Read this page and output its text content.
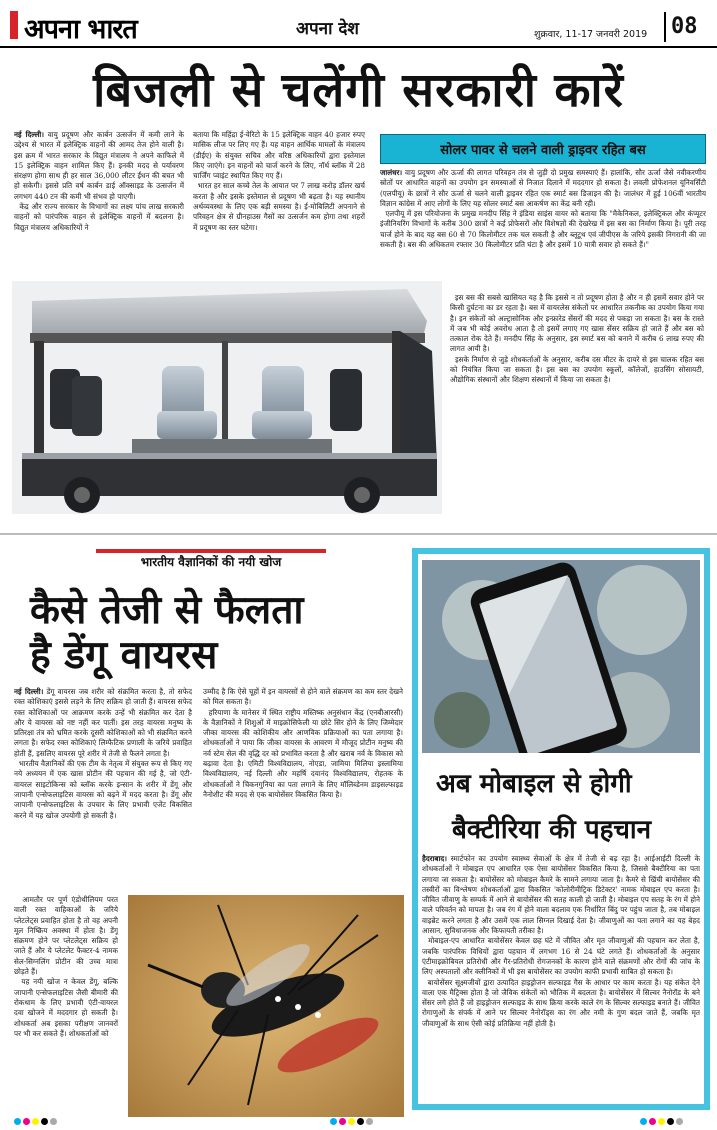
अपना भारत	अपना देश	शुक्रवार, 11-17 जनवरी 2019 08
बिजली से चलेंगी सरकारी कारें
नई दिल्ली। वायु प्रदूषण और कार्बन उत्सर्जन में कमी लाने के उद्देश्य से भारत में इलेक्ट्रिक वाहनों की आमद तेज होने वाली है। इस क्रम में भारत सरकार के विद्युत मंत्रालय ने अपने काफिले में 15 इलेक्ट्रिक वाहन शामिल किए हैं। इनकी मदद से पर्यावरण संरक्षण होगा साथ ही हर साल 36,000 लीटर ईंधन की बचत भी हो सकेगी। इससे प्रति वर्ष कार्बन डाई ऑक्साइड के उत्सर्जन में लगभग 440 टन की कमी भी संभव हो पाएगी।
केंद्र और राज्य सरकार के विभागों का लक्ष्य पांच लाख सरकारी वाहनों को पारंपरिक वाहन से इलेक्ट्रिक वाहनों में बदलना है। विद्युत मंत्रालय अधिकारियों ने
बताया कि महिंद्रा ई-वेरिटो के 15 इलेक्ट्रिक वाहन 40 हजार रुपए मासिक लीज पर लिए गए हैं। यह वाहन आर्थिक मामलों के मंत्रालय (डीईए) के संयुक्त सचिव और वरिष्ठ अधिकारियों द्वारा इस्तेमाल किए जाएंगे। इन वाहनों को चार्ज करने के लिए, नॉर्थ ब्लॉक में 28 चार्जिंग प्वाइंट स्थापित किए गए हैं।
भारत हर साल कच्चे तेल के आयात पर 7 लाख करोड़ डॉलर खर्च करता है और इसके इस्तेमाल से प्रदूषण भी बढ़ता है। यह स्थानीय अर्थव्यवस्था के लिए एक बड़ी समस्या है। ई-मोबिलिटी अपनाने से परिवहन क्षेत्र से ग्रीनहाउस गैसों का उत्सर्जन कम होगा तथा शहरों में प्रदूषण का स्तर घटेगा।
सोलर पावर से चलने वाली ड्राइवर रहित बस
जालंधर। वायु प्रदूषण और ऊर्जा की लागत परिवहन तंत्र से जुड़ी दो प्रमुख समस्याएं हैं। हालांकि, सौर ऊर्जा जैसे नवीकरणीय स्रोतों पर आधारित वाहनों का उपयोग इन समस्याओं से निजात दिलाने में मददगार हो सकता है। लवली प्रोफेशनल यूनिवर्सिटी (एलपीयू) के छात्रों ने सौर ऊर्जा से चलने वाली ड्राइवर रहित एक स्मार्ट बस डिजाइन की है। जालंधर में हुई 106वीं भारतीय विज्ञान कांग्रेस में आए लोगों के लिए यह सोलर स्मार्ट बस आकर्षण का केंद्र बनी रही।
एलपीयू में इस परियोजना के प्रमुख मनदीप सिंह ने इंडिया साइंस वायर को बताया कि "मैकेनिकल, इलेक्ट्रिकल और कंप्यूटर इंजीनियरिंग विभागों के करीब 300 छात्रों ने कई प्रोफेसरों और विशेषज्ञों की देखरेख में इस बस का निर्माण किया है। पूरी तरह चार्ज होने के बाद यह बस 60 से 70 किलोमीटर तक चल सकती है और ब्लूटूथ एवं जीपीएस के जरिये इसकी निगरानी की जा सकती है। बस की अधिकतम रफ्तार 30 किलोमीटर प्रति घंटा है और इसमें 10 यात्री सवार हो सकते हैं।"
इस बस की सबसे खासियत यह है कि इससे न तो प्रदूषण होता है और न ही इसमें सवार होने पर किसी दुर्घटना का डर रहता है। बस में वायरलेस संकेतों पर आधारित तकनीक का उपयोग किया गया है। इन संकेतों को अल्ट्रासोनिक और इन्फ्रारेड सेंसरों की मदद से पकड़ा जा सकता है। बस के रास्ते में जब भी कोई अवरोध आता है तो इसमें लगाए गए खास सेंसर सक्रिय हो जाते हैं और बस को तत्काल रोक देते हैं। मनदीप सिंह के अनुसार, इस स्मार्ट बस को बनाने में करीब 6 लाख रुपए की लागत आयी है।
इसके निर्माण से जुड़े शोधकर्ताओं के अनुसार, करीब दस मीटर के दायरे से इस चालक रहित बस को नियंत्रित किया जा सकता है। इस बस का उपयोग स्कूलों, कॉलेजों, हाउसिंग सोसायटी, औद्योगिक संस्थानों और शिक्षण संस्थानों में किया जा सकता है।
भारतीय वैज्ञानिकों की नयी खोज
कैसे तेजी से फैलता
है डेंगू वायरस
नई दिल्ली। डेंगू वायरस जब शरीर को संक्रमित करता है, तो सफेद रक्त कोशिकाएं इससे लड़ने के लिए सक्रिय हो जाती हैं। वायरस सफेद रक्त कोशिकाओं पर आक्रमण करके उन्हें भी संक्रमित कर देता है और ये वायरस को नष्ट नहीं कर पातीं। इस तरह वायरस मनुष्य के प्रतिरक्षा तंत्र को भ्रमित करके दूसरी कोशिकाओं को भी संक्रमित करने लगता है। सफेद रक्त कोशिकाएं लिम्फैटिक प्रणाली के जरिये प्रवाहित होती हैं, इसलिए वायरस पूरे शरीर में तेजी से फैलने लगता है।
भारतीय वैज्ञानिकों की एक टीम के नेतृत्व में संयुक्त रूप से किए गए नये अध्ययन में एक खास प्रोटीन की पहचान की गई है, जो एंटी-वायरल साइटोकिन्स को ब्लॉक करके इन्सान के शरीर में डेंगू और जापानी एन्सेफलाइटिस वायरस को बढ़ने में मदद करता है। डेंगू और जापानी एन्सेफलाइटिस के उपचार के लिए प्रभावी एजेंट विकसित करने में यह खोज उपयोगी हो सकती है।
आमतौर पर पूर्ण एंडोथीलियम परत वाली रक्त वाहिकाओं के जरिये प्लेटलेट्स प्रवाहित होता है तो वह अपनी मूल निष्क्रिय अवस्था में होता है। डेंगू संक्रमण होने पर प्लेटलेट्स सक्रिय हो जाते हैं और ये प्लेटलेट फैक्टर-4 नामक सेल-सिग्नलिंग प्रोटीन की उच्च मात्रा छोड़ते हैं।
यह नयी खोज न केवल डेंगू, बल्कि जापानी एन्सेफलाइटिस जैसी बीमारी की रोकथाम के लिए प्रभावी एंटी-वायरल दवा खोजने में मददगार हो सकती है। शोधकर्ता अब इसका परीक्षण जानवरों पर भी कर सकते हैं। शोधकर्ताओं को
उम्मीद है कि ऐसे चूहों में इन वायरसों से होने वाले संक्रमण का कम स्तर देखने को मिल सकता है।
हरियाणा के मानेसर में स्थित राष्ट्रीय मस्तिष्क अनुसंधान केंद्र (एनबीआरसी) के वैज्ञानिकों ने शिशुओं में माइक्रोसिफेली या छोटे सिर होने के लिए जिम्मेदार जीका वायरस की कोशिकीय और आणविक प्रक्रियाओं का पता लगाया है। शोधकर्ताओं ने पाया कि जीका वायरस के आवरण में मौजूद प्रोटीन मनुष्य की नर्व स्टेम सेल की वृद्धि दर को प्रभावित करता है और खराब नर्व के विकास को बढ़ावा देता है। एमिटी विश्वविद्यालय, नोएडा, जामिया मिलिया इस्लामिया विश्वविद्यालय, नई दिल्ली और महर्षि दयानंद विश्वविद्यालय, रोहतक के शोधकर्ताओं ने चिकनगुनिया का पता लगाने के लिए मॉलिब्डेनम डाइसल्फाइड नैनोशीट की मदद से एक बायोसेंसर विकसित किया है।	अब मोबाइल से होगी
बैक्टीरिया की पहचान
हैदराबाद। स्मार्टफोन का उपयोग स्वास्थ्य सेवाओं के क्षेत्र में तेजी से बढ़ रहा है। आईआईटी दिल्ली के शोधकर्ताओं ने मोबाइल एप आधारित एक ऐसा बायोसेंसर विकसित किया है, जिससे बैक्टीरिया का पता लगाया जा सकता है। बायोसेंसर को मोबाइल कैमरे के सामने लगाया जाता है। कैमरे से खिंची बायोसेंसर की तस्वीरों का विश्लेषण शोधकर्ताओं द्वारा विकसित 'कोलोरीमीट्रिक डिटेक्टर' नामक मोबाइल एप करता है। जीवित जीवाणु के सम्पर्क में आने से बायोसेंसर की सतह काली हो जाती है। मोबाइल एप सतह के रंग में होने वाले परिवर्तन को मापता है। जब रंग में होने वाला बदलाव एक निर्धारित बिंदु पर पहुंच जाता है, तब मोबाइल वाइब्रेट करने लगता है और उसमें एक लाल सिग्नल दिखाई देता है। जीवाणुओं का पता लगाने का यह बेहद आसान, सुविधाजनक और किफायती तरीका है।
मोबाइल-एप आधारित बायोसेंसर केवल छह घंटे में जीवित और मृत जीवाणुओं की पहचान कर लेता है, जबकि पारंपरिक विधियों द्वारा पहचान में लगभग 16 से 24 घंटे लगते हैं। शोधकर्ताओं के अनुसार एंटीमाइक्रोबियल प्रतिरोधी और गैर-प्रतिरोधी रोगजनकों के कारण होने वाले संक्रमणों और रोगों की जांच के लिए अस्पतालों और क्लीनिकों में भी इस बायोसेंसर का उपयोग काफी प्रभावी साबित हो सकता है।
बायोसेंसर सूक्ष्मजीवों द्वारा उत्पादित हाइड्रोजन सल्फाइड गैस के आधार पर काम करता है। यह संकेत देने वाला एक मैट्रिक्स होता है जो जैविक संकेतों को भौतिक में बदलता है। बायोसेंसर में सिल्वर नैनोरॉड के बने सेंसर लगे होते हैं जो हाइड्रोजन सल्फाइड के साथ क्रिया करके काले रंग के सिल्वर सल्फाइड बनाते हैं। जीवित रोगाणुओं के संपर्क में आने पर सिल्वर नैनोरॉड्स का रंग और नमी के गुण बदल जाते हैं, जबकि मृत जीवाणुओं के साथ ऐसी कोई प्रतिक्रिया नहीं होती है।
